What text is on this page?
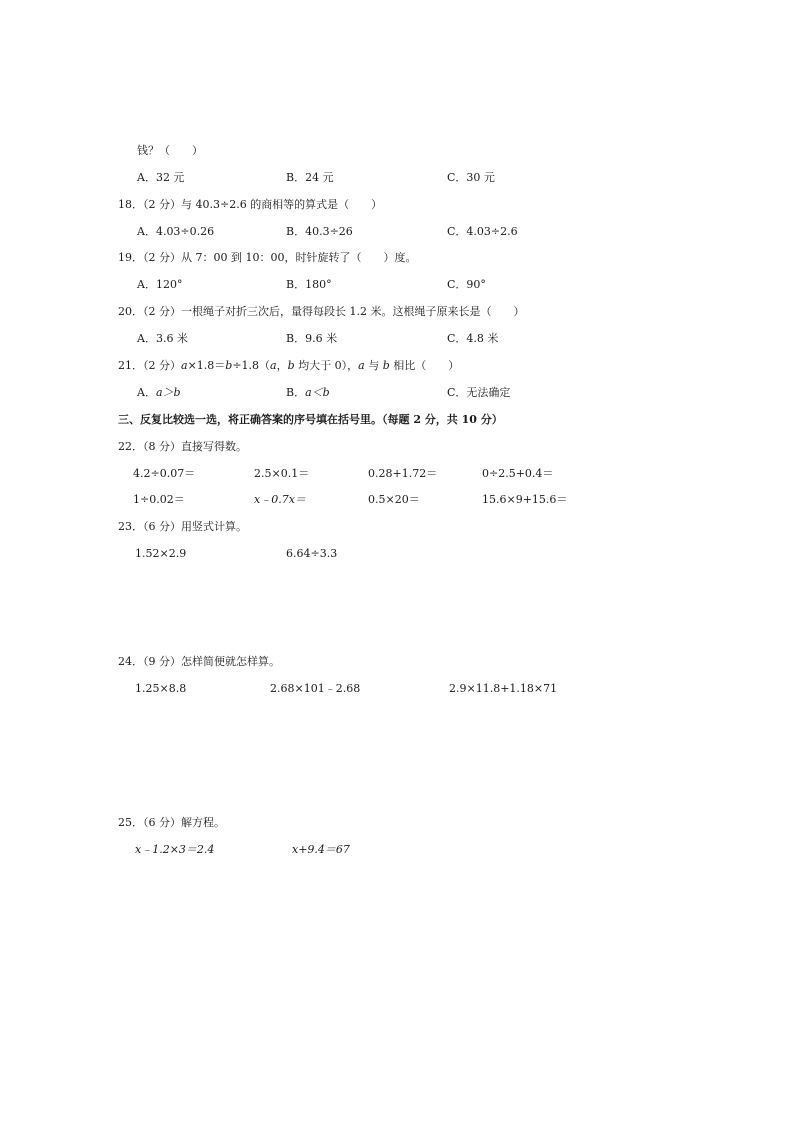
钱？（　　）
A．32 元	B．24 元	C．30 元
18．（2 分）与 40.3÷2.6 的商相等的算式是（　　）
A．4.03÷0.26	B．40.3÷26	C．4.03÷2.6
19．（2 分）从 7：00 到 10：00，时针旋转了（　　）度。
A．120°	B．180°	C．90°
20．（2 分）一根绳子对折三次后，量得每段长 1.2 米。这根绳子原来长是（　　）
A．3.6 米	B．9.6 米	C．4.8 米
21．（2 分）a×1.8＝b÷1.8（a，b 均大于 0），a 与 b 相比（　　）
A．a＞b	B．a＜b	C．无法确定
三、反复比较选一选，将正确答案的序号填在括号里。（每题 2 分，共 10 分）
22．（8 分）直接写得数。
4.2÷0.07＝	2.5×0.1＝	0.28+1.72＝	0÷2.5+0.4＝
1÷0.02＝	x﹣0.7x＝	0.5×20＝	15.6×9+15.6＝
23．（6 分）用竖式计算。
1.52×2.9	6.64÷3.3
24．（9 分）怎样简便就怎样算。
1.25×8.8	2.68×101﹣2.68	2.9×11.8+1.18×71
25．（6 分）解方程。
x﹣1.2×3＝2.4	x+9.4＝67
